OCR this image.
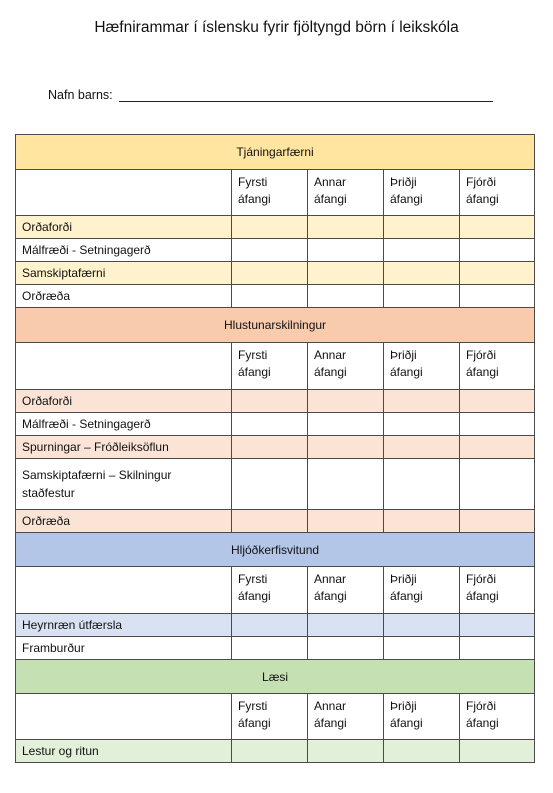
Hæfnirammar í íslensku fyrir fjöltyngd börn í leikskóla
Nafn barns:
Tjáningarfærni				
	Fyrsti
áfangi	Annar
áfangi	Þriðji
áfangi	Fjórði
áfangi
Orðaforði				
Málfræði - Setningagerð				
Samskiptafærni				
Orðræða				
Hlustunarskilningur				
	Fyrsti
áfangi	Annar
áfangi	Þriðji
áfangi	Fjórði
áfangi
Orðaforði				
Málfræði - Setningagerð				
Spurningar – Fróðleiksöflun				
Samskiptafærni – Skilningur staðfestur				
Orðræða				
Hljóðkerfisvitund				
	Fyrsti
áfangi	Annar
áfangi	Þriðji
áfangi	Fjórði
áfangi
Heyrnræn útfærsla				
Framburður				
Læsi				
	Fyrsti
áfangi	Annar
áfangi	Þriðji
áfangi	Fjórði
áfangi
Lestur og ritun				
